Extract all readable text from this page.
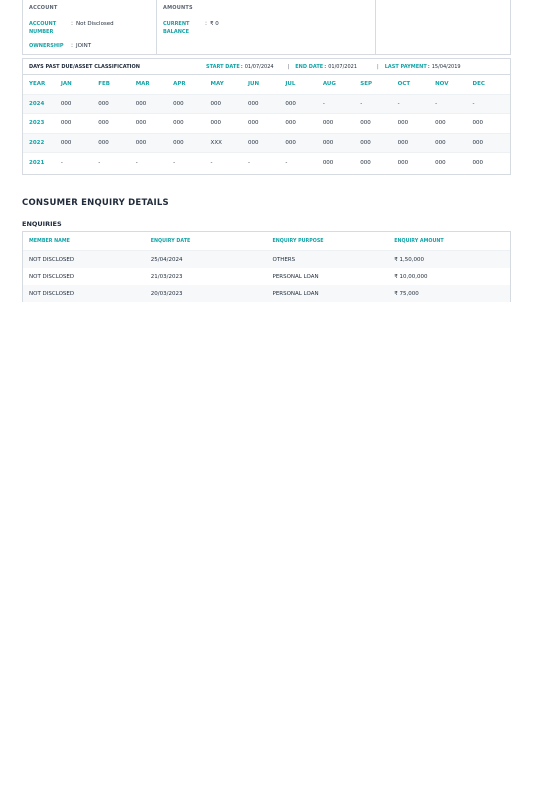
ACCOUNT
ACCOUNT NUMBER
: Not Disclosed
OWNERSHIP	: JOINT
AMOUNTS
CURRENT BALANCE
: ₹ 0
DAYS PAST DUE/ASSET CLASSIFICATION	START DATE : 01/07/2024	| END DATE : 01/07/2021	| LAST PAYMENT : 15/04/2019
YEAR	JAN	FEB	MAR	APR	MAY	JUN	JUL	AUG	SEP	OCT	NOV	DEC
2024	000	000	000	000	000	000	000	-	-	-	-	-
2023	000	000	000	000	000	000	000	000	000	000	000	000
2022	000	000	000	000	XXX	000	000	000	000	000	000	000
2021	-	-	-	-	-	-	-	000	000	000	000	000
CONSUMER ENQUIRY DETAILS
ENQUIRIES
MEMBER NAME	ENQUIRY DATE	ENQUIRY PURPOSE	ENQUIRY AMOUNT
NOT DISCLOSED	25/04/2024	OTHERS	₹ 1,50,000
NOT DISCLOSED	21/03/2023	PERSONAL LOAN	₹ 10,00,000
NOT DISCLOSED	20/03/2023	PERSONAL LOAN	₹ 75,000
